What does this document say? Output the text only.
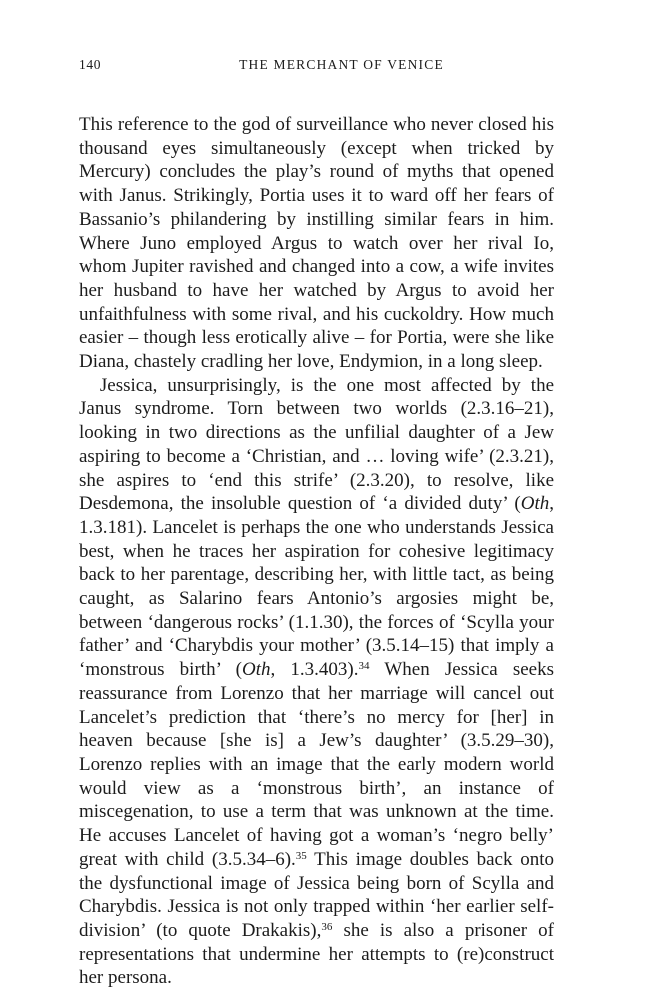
140	THE MERCHANT OF VENICE

This reference to the god of surveillance who never closed his thousand eyes simultaneously (except when tricked by Mercury) concludes the play’s round of myths that opened with Janus. Strikingly, Portia uses it to ward off her fears of Bassanio’s philandering by instilling similar fears in him. Where Juno employed Argus to watch over her rival Io, whom Jupiter ravished and changed into a cow, a wife invites her husband to have her watched by Argus to avoid her unfaithfulness with some rival, and his cuckoldry. How much easier – though less erotically alive – for Portia, were she like Diana, chastely cradling her love, Endymion, in a long sleep.

Jessica, unsurprisingly, is the one most affected by the Janus syndrome. Torn between two worlds (2.3.16–21), looking in two directions as the unfilial daughter of a Jew aspiring to become a ‘Christian, and … loving wife’ (2.3.21), she aspires to ‘end this strife’ (2.3.20), to resolve, like Desdemona, the insoluble question of ‘a divided duty’ (Oth, 1.3.181). Lancelet is perhaps the one who understands Jessica best, when he traces her aspiration for cohesive legitimacy back to her parentage, describing her, with little tact, as being caught, as Salarino fears Antonio’s argosies might be, between ‘dangerous rocks’ (1.1.30), the forces of ‘Scylla your father’ and ‘Charybdis your mother’ (3.5.14–15) that imply a ‘monstrous birth’ (Oth, 1.3.403).$^{34}$ When Jessica seeks reassurance from Lorenzo that her marriage will cancel out Lancelet’s prediction that ‘there’s no mercy for [her] in heaven because [she is] a Jew’s daughter’ (3.5.29–30), Lorenzo replies with an image that the early modern world would view as a ‘monstrous birth’, an instance of miscegenation, to use a term that was unknown at the time. He accuses Lancelet of having got a woman’s ‘negro belly’ great with child (3.5.34–6).$^{35}$ This image doubles back onto the dysfunctional image of Jessica being born of Scylla and Charybdis. Jessica is not only trapped within ‘her earlier self-division’ (to quote Drakakis),$^{36}$ she is also a prisoner of representations that undermine her attempts to (re)construct her persona.
